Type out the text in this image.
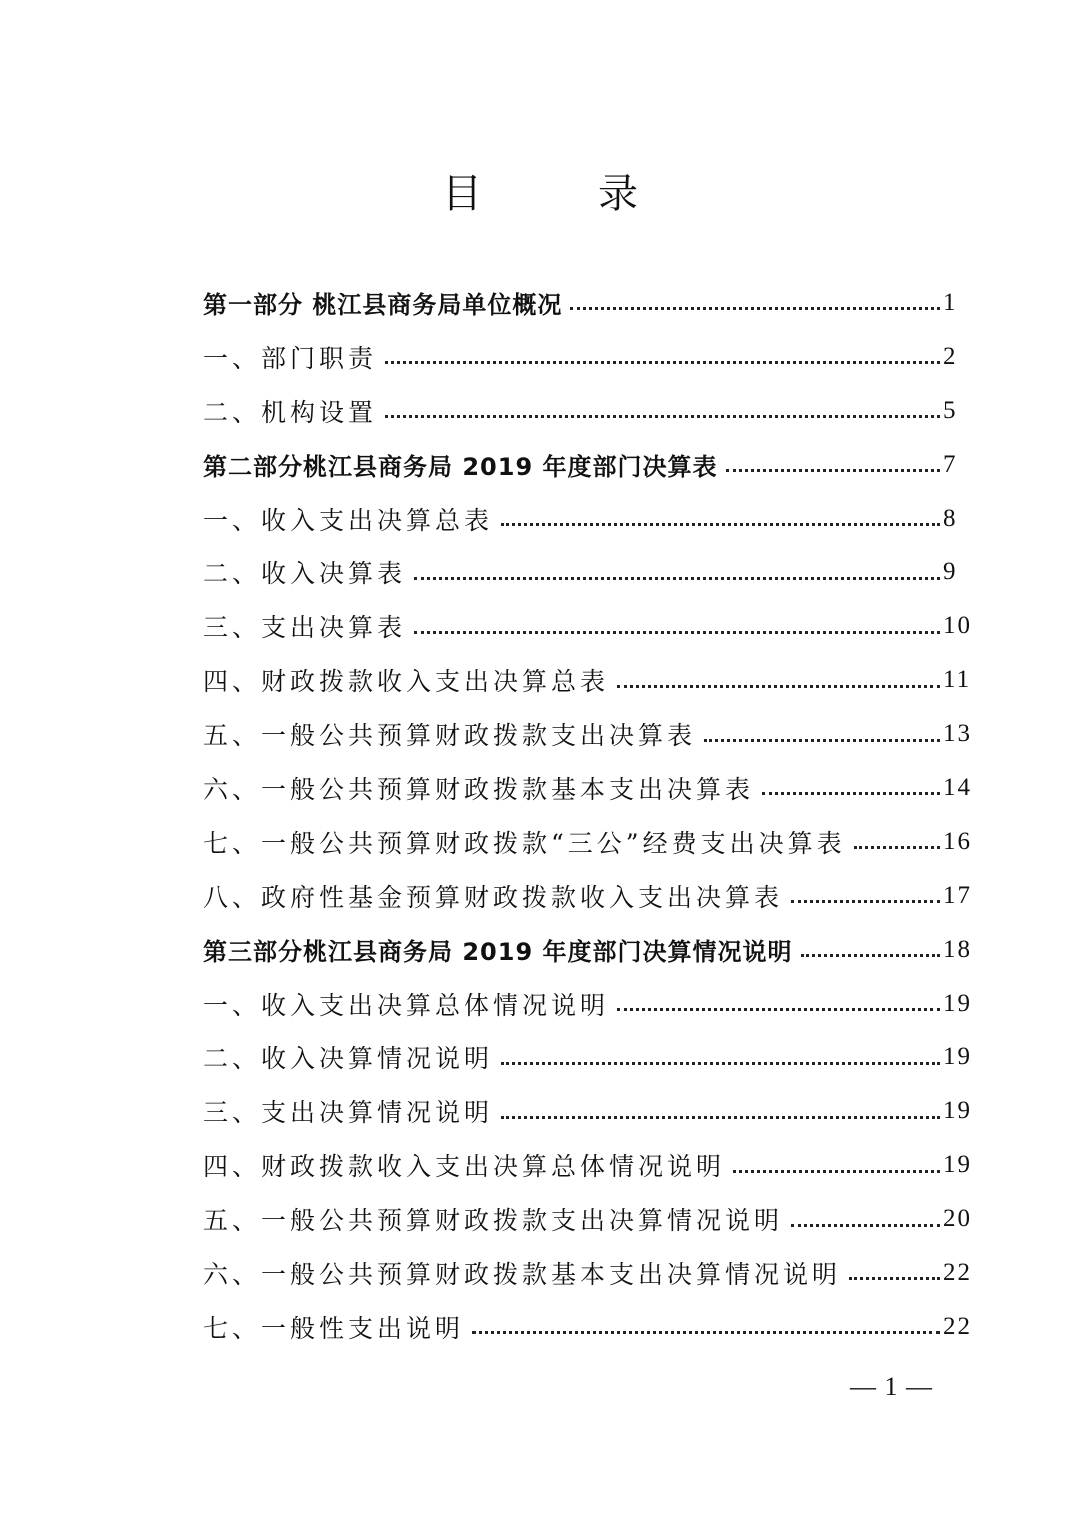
目　录
第一部分 桃江县商务局单位概况	1
一、部门职责	2
二、机构设置	5
第二部分桃江县商务局 2019 年度部门决算表	7
一、收入支出决算总表	8
二、收入决算表	9
三、支出决算表	10
四、财政拨款收入支出决算总表	11
五、一般公共预算财政拨款支出决算表	13
六、一般公共预算财政拨款基本支出决算表	14
七、一般公共预算财政拨款“三公”经费支出决算表	16
八、政府性基金预算财政拨款收入支出决算表	17
第三部分桃江县商务局 2019 年度部门决算情况说明	18
一、收入支出决算总体情况说明	19
二、收入决算情况说明	19
三、支出决算情况说明	19
四、财政拨款收入支出决算总体情况说明	19
五、一般公共预算财政拨款支出决算情况说明	20
六、一般公共预算财政拨款基本支出决算情况说明	22
七、一般性支出说明	22
— 1 —
